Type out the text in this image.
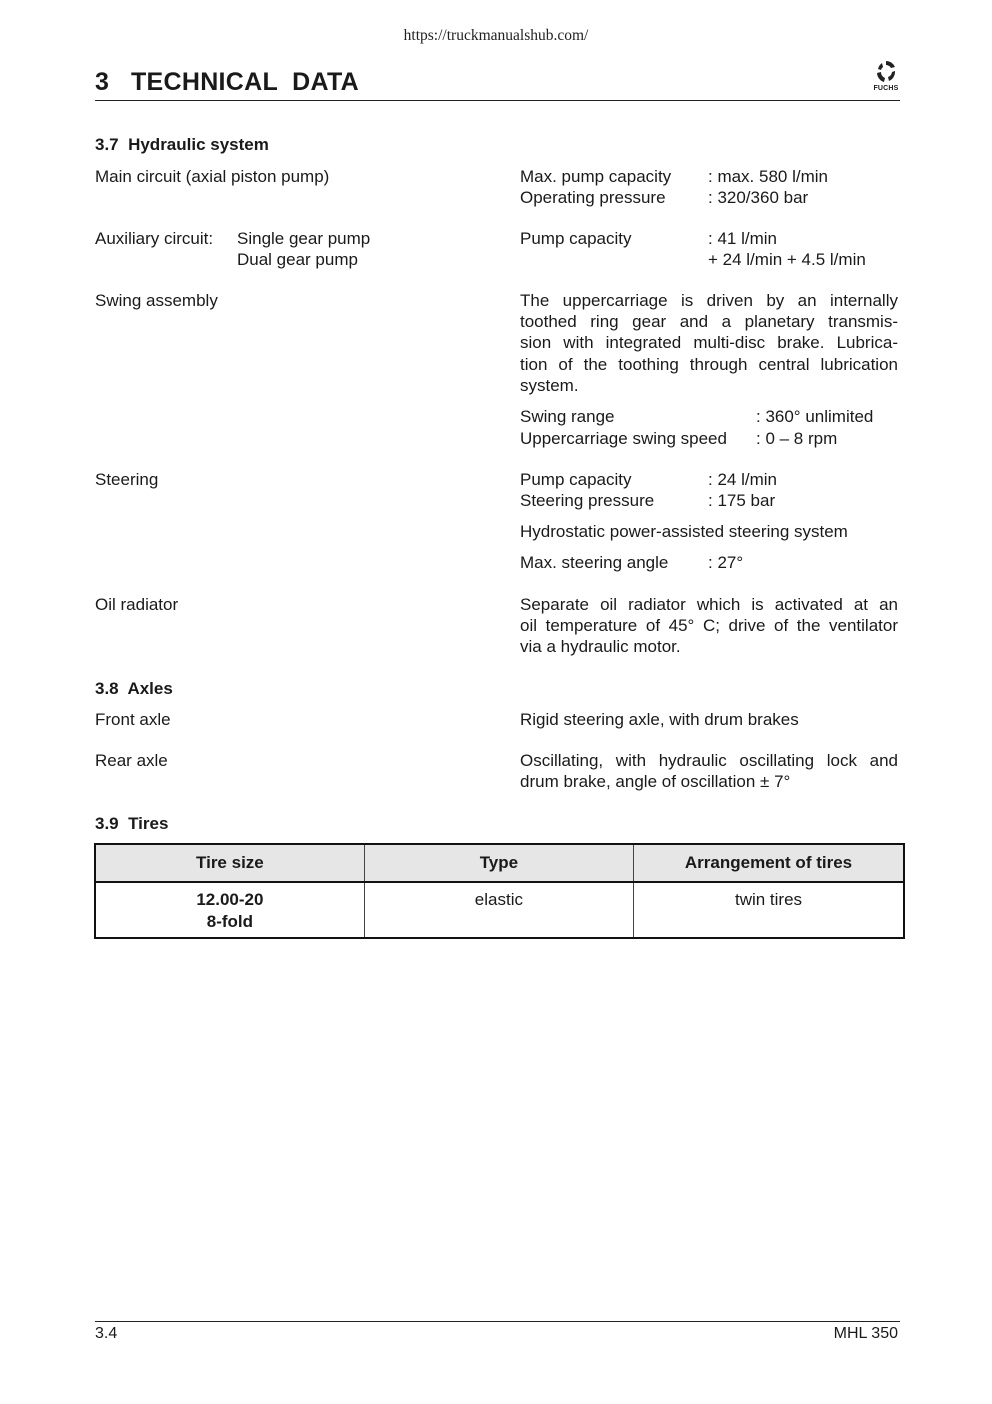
https://truckmanualshub.com/
3   TECHNICAL  DATA	FUCHS
3.7  Hydraulic system
Main circuit (axial piston pump)	Max. pump capacity : max. 580 l/min
Operating pressure : 320/360 bar
Auxiliary circuit: Single gear pump
Dual gear pump
Pump capacity	: 41 l/min
+ 24 l/min + 4.5 l/min
Swing assembly	The uppercarriage is driven by an internally
toothed ring gear and a planetary transmis-
sion with integrated multi-disc brake. Lubrica-
tion of the toothing through central lubrication
system.
Swing range	: 360° unlimited
Uppercarriage swing speed : 0 – 8 rpm
Steering	Pump capacity	: 24 l/min
Steering pressure	: 175 bar
Hydrostatic power-assisted steering system
Max. steering angle : 27°
Oil radiator	Separate oil radiator which is activated at an
oil temperature of 45° C; drive of the ventilator
via a hydraulic motor.
3.8  Axles
Front axle	Rigid steering axle, with drum brakes
Rear axle	Oscillating, with hydraulic oscillating lock and
drum brake, angle of oscillation ± 7°
3.9  Tires
Tire size	Type	Arrangement of tires

12.00-20
8-fold	elastic	twin tires
3.4	MHL 350
